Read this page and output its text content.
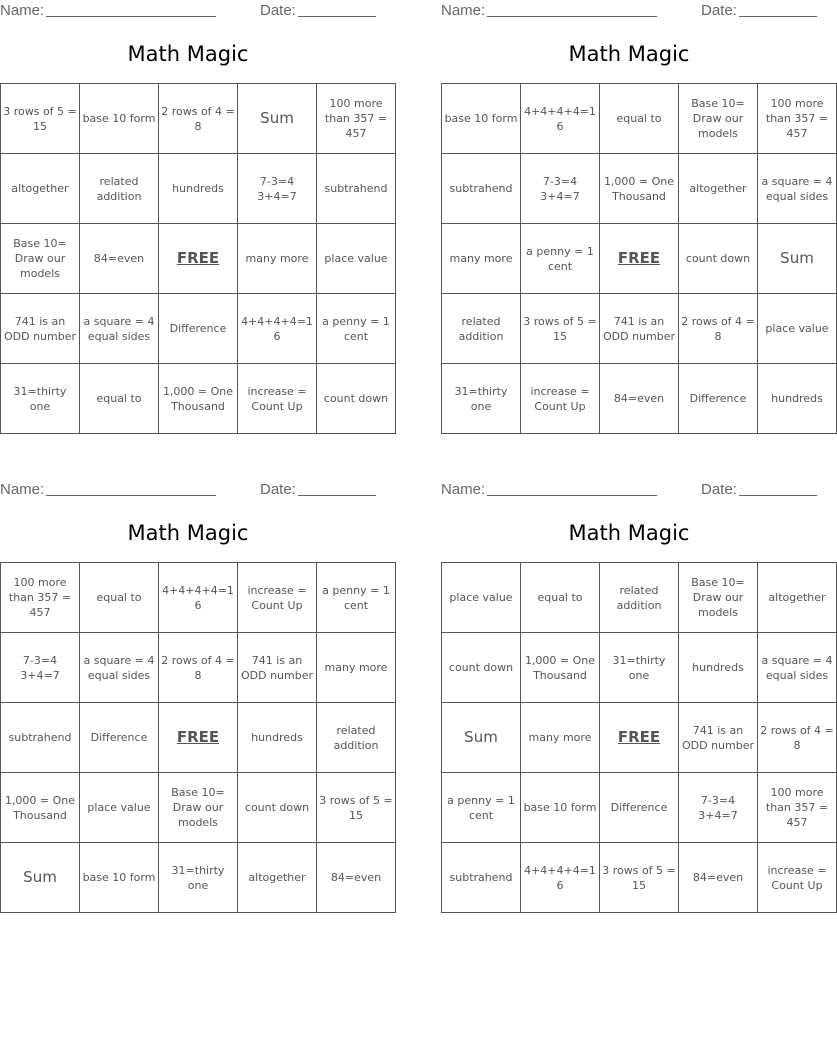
Name:	Date:
Math Magic
3 rows of 5 = 15	base 10 form	2 rows of 4 = 8	Sum	100 more than 357 = 457
altogether	related addition	hundreds	7-3=4 3+4=7	subtrahend
Base 10= Draw our models	84=even	FREE	many more	place value
741 is an ODD number	a square = 4 equal sides	Difference	4+4+4+4=16	a penny = 1 cent
31=thirty one	equal to	1,000 = One Thousand	increase = Count Up	count down
Name:	Date:
Math Magic
base 10 form	4+4+4+4=16	equal to	Base 10= Draw our models	100 more than 357 = 457
subtrahend	7-3=4 3+4=7	1,000 = One Thousand	altogether	a square = 4 equal sides
many more	a penny = 1 cent	FREE	count down	Sum
related addition	3 rows of 5 = 15	741 is an ODD number	2 rows of 4 = 8	place value
31=thirty one	increase = Count Up	84=even	Difference	hundreds
Name:	Date:
Math Magic
100 more than 357 = 457	equal to	4+4+4+4=16	increase = Count Up	a penny = 1 cent
7-3=4 3+4=7	a square = 4 equal sides	2 rows of 4 = 8	741 is an ODD number	many more
subtrahend	Difference	FREE	hundreds	related addition
1,000 = One Thousand	place value	Base 10= Draw our models	count down	3 rows of 5 = 15
Sum	base 10 form	31=thirty one	altogether	84=even
Name:	Date:
Math Magic
place value	equal to	related addition	Base 10= Draw our models	altogether
count down	1,000 = One Thousand	31=thirty one	hundreds	a square = 4 equal sides
Sum	many more	FREE	741 is an ODD number	2 rows of 4 = 8
a penny = 1 cent	base 10 form	Difference	7-3=4 3+4=7	100 more than 357 = 457
subtrahend	4+4+4+4=16	3 rows of 5 = 15	84=even	increase = Count Up
